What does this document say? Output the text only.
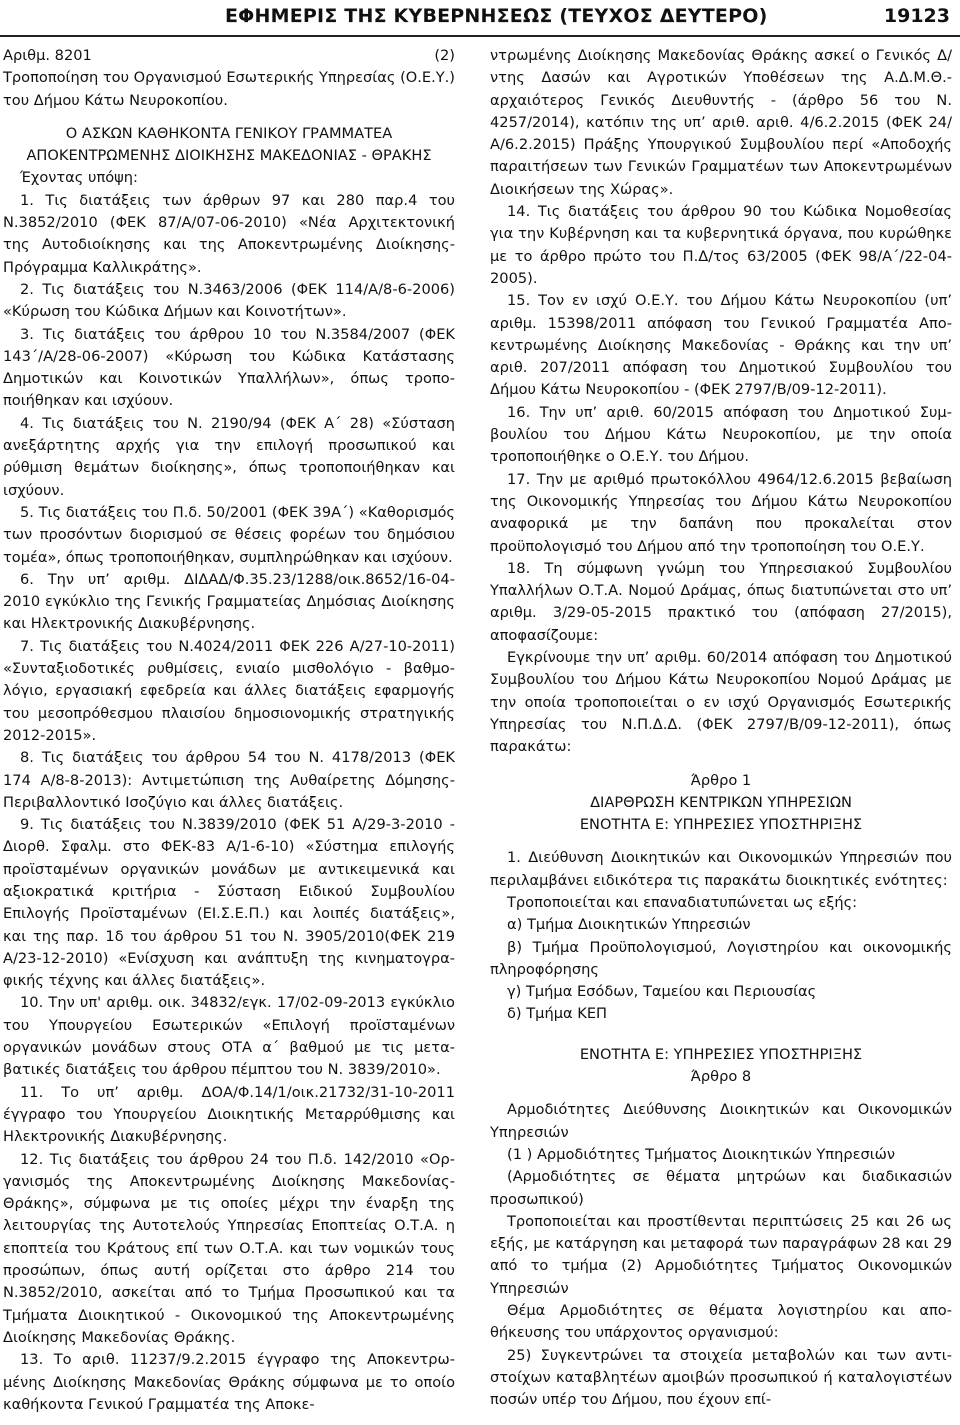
ΕΦΗΜΕΡΙΣ ΤΗΣ ΚΥΒΕΡΝΗΣΕΩΣ (ΤΕΥΧΟΣ ΔΕΥΤΕΡΟ)	19123
Αριθμ. 8201	(2)

Τροποποίηση του Οργανισμού Εσωτερικής Υπηρεσίας (Ο.Ε.Υ.) του Δήμου Κάτω Νευροκοπίου.

Ο ΑΣΚΩΝ ΚΑΘΗΚΟΝΤΑ ΓΕΝΙΚΟΥ ΓΡΑΜΜΑΤΕΑ ΑΠΟΚΕΝΤΡΩΜΕΝΗΣ ΔΙΟΙΚΗΣΗΣ ΜΑΚΕΔΟΝΙΑΣ - ΘΡΑΚΗΣ

Έχοντας υπόψη:

1. Τις διατάξεις των άρθρων 97 και 280 παρ.4 του Ν.3852/2010 (ΦΕΚ 87/Α/07-06-2010) «Νέα Αρχιτεκτονική της Αυτοδιοίκησης και της Αποκεντρωμένης Διοίκησης- Πρόγραμμα Καλλικράτης».

2. Τις διατάξεις του Ν.3463/2006 (ΦΕΚ 114/Α/8-6-2006) «Κύρωση του Κώδικα Δήμων και Κοινοτήτων».

3. Τις διατάξεις του άρθρου 10 του Ν.3584/2007 (ΦΕΚ 143΄/Α/28-06-2007) «Κύρωση του Κώδικα Κατάστασης Δημοτικών και Κοινοτικών Υπαλλήλων», όπως τροποποιήθηκαν και ισχύουν.

4. Τις διατάξεις του Ν. 2190/94 (ΦΕΚ Α΄ 28) «Σύσταση ανεξάρτητης αρχής για την επιλογή προσωπικού και ρύθμιση θεμάτων διοίκησης», όπως τροποποιήθηκαν και ισχύουν.

5. Τις διατάξεις του Π.δ. 50/2001 (ΦΕΚ 39Α΄) «Καθορισμός των προσόντων διορισμού σε θέσεις φορέων του δημόσιου τομέα», όπως τροποποιήθηκαν, συμπληρώθηκαν και ισχύουν.

6. Την υπ’ αριθμ. ΔΙΔΑΔ/Φ.35.23/1288/οικ.8652/16-04-2010 εγκύκλιο της Γενικής Γραμματείας Δημόσιας Διοίκησης και Ηλεκτρονικής Διακυβέρνησης.

7. Τις διατάξεις του Ν.4024/2011 ΦΕΚ 226 Α/27-10-2011) «Συνταξιοδοτικές ρυθμίσεις, ενιαίο μισθολόγιο - βαθμολόγιο, εργασιακή εφεδρεία και άλλες διατάξεις εφαρμογής του μεσοπρόθεσμου πλαισίου δημοσιονομικής στρατηγικής 2012-2015».

8. Τις διατάξεις του άρθρου 54 του Ν. 4178/2013 (ΦΕΚ 174 Α/8-8-2013): Αντιμετώπιση της Αυθαίρετης Δόμησης- Περιβαλλοντικό Ισοζύγιο και άλλες διατάξεις.

9. Τις διατάξεις του Ν.3839/2010 (ΦΕΚ 51 Α/29-3-2010 - Διορθ. Σφαλμ. στο ΦΕΚ-83 Α/1-6-10) «Σύστημα επιλογής προϊσταμένων οργανικών μονάδων με αντικειμενικά και αξιοκρατικά κριτήρια - Σύσταση Ειδικού Συμβουλίου Επιλογής Προϊσταμένων (ΕΙ.Σ.Ε.Π.) και λοιπές διατάξεις», και της παρ. 1δ του άρθρου 51 του Ν. 3905/2010(ΦΕΚ 219 Α/23-12-2010) «Ενίσχυση και ανάπτυξη της κινηματογραφικής τέχνης και άλλες διατάξεις».

10. Την υπ' αριθμ. οικ. 34832/εγκ. 17/02-09-2013 εγκύκλιο του Υπουργείου Εσωτερικών «Επιλογή προϊσταμένων οργανικών μονάδων στους ΟΤΑ α΄ βαθμού με τις μεταβατικές διατάξεις του άρθρου πέμπτου του Ν. 3839/2010».

11. Το υπ’ αριθμ. ΔΟΑ/Φ.14/1/οικ.21732/31-10-2011 έγγραφο του Υπουργείου Διοικητικής Μεταρρύθμισης και Ηλεκτρονικής Διακυβέρνησης.

12. Τις διατάξεις του άρθρου 24 του Π.δ. 142/2010 «Οργανισμός της Αποκεντρωμένης Διοίκησης Μακεδονίας- Θράκης», σύμφωνα με τις οποίες μέχρι την έναρξη της λειτουργίας της Αυτοτελούς Υπηρεσίας Εποπτείας Ο.Τ.Α. η εποπτεία του Κράτους επί των Ο.Τ.Α. και των νομικών τους προσώπων, όπως αυτή ορίζεται στο άρθρο 214 του Ν.3852/2010, ασκείται από το Τμήμα Προσωπικού και τα Τμήματα Διοικητικού - Οικονομικού της Αποκεντρωμένης Διοίκησης Μακεδονίας Θράκης.

13. Το αριθ. 11237/9.2.2015 έγγραφο της Αποκεντρωμένης Διοίκησης Μακεδονίας Θράκης σύμφωνα με το οποίο καθήκοντα Γενικού Γραμματέα της Αποκε-

ντρωμένης Διοίκησης Μακεδονίας Θράκης ασκεί ο Γενικός Δ/ντης Δασών και Αγροτικών Υποθέσεων της Α.Δ.Μ.Θ.- αρχαιότερος Γενικός Διευθυντής - (άρθρο 56 του Ν. 4257/2014), κατόπιν της υπ’ αριθ. αριθ. 4/6.2.2015 (ΦΕΚ 24/Α/6.2.2015) Πράξης Υπουργικού Συμβουλίου περί «Αποδοχής παραιτήσεων των Γενικών Γραμματέων των Αποκεντρωμένων Διοικήσεων της Χώρας».

14. Τις διατάξεις του άρθρου 90 του Κώδικα Νομοθεσίας για την Κυβέρνηση και τα κυβερνητικά όργανα, που κυρώθηκε με το άρθρο πρώτο του Π.Δ/τος 63/2005 (ΦΕΚ 98/Α΄/22-04-2005).

15. Τον εν ισχύ Ο.Ε.Υ. του Δήμου Κάτω Νευροκοπίου (υπ’ αριθμ. 15398/2011 απόφαση του Γενικού Γραμματέα Αποκεντρωμένης Διοίκησης Μακεδονίας - Θράκης και την υπ’ αριθ. 207/2011 απόφαση του Δημοτικού Συμβουλίου του Δήμου Κάτω Νευροκοπίου - (ΦΕΚ 2797/Β/09-12-2011).

16. Την υπ’ αριθ. 60/2015 απόφαση του Δημοτικού Συμβουλίου του Δήμου Κάτω Νευροκοπίου, με την οποία τροποποιήθηκε ο Ο.Ε.Υ. του Δήμου.

17. Την με αριθμό πρωτοκόλλου 4964/12.6.2015 βεβαίωση της Οικονομικής Υπηρεσίας του Δήμου Κάτω Νευροκοπίου αναφορικά με την δαπάνη που προκαλείται στον προϋπολογισμό του Δήμου από την τροποποίηση του Ο.Ε.Υ.

18. Τη σύμφωνη γνώμη του Υπηρεσιακού Συμβουλίου Υπαλλήλων Ο.Τ.Α. Νομού Δράμας, όπως διατυπώνεται στο υπ’ αριθμ. 3/29-05-2015 πρακτικό του (απόφαση 27/2015), αποφασίζουμε:

Εγκρίνουμε την υπ’ αριθμ. 60/2014 απόφαση του Δημοτικού Συμβουλίου του Δήμου Κάτω Νευροκοπίου Νομού Δράμας με την οποία τροποποιείται ο εν ισχύ Οργανισμός Εσωτερικής Υπηρεσίας του Ν.Π.Δ.Δ. (ΦΕΚ 2797/Β/09-12-2011), όπως παρακάτω:

Άρθρο 1

ΔΙΑΡΘΡΩΣΗ ΚΕΝΤΡΙΚΩΝ ΥΠΗΡΕΣΙΩΝ

ΕΝΟΤΗΤΑ Ε: ΥΠΗΡΕΣΙΕΣ ΥΠΟΣΤΗΡΙΞΗΣ

1. Διεύθυνση Διοικητικών και Οικονομικών Υπηρεσιών που περιλαμβάνει ειδικότερα τις παρακάτω διοικητικές ενότητες:

Τροποποιείται και επαναδιατυπώνεται ως εξής:

α) Τμήμα Διοικητικών Υπηρεσιών

β) Τμήμα Προϋπολογισμού, Λογιστηρίου και οικονομικής πληροφόρησης

γ) Τμήμα Εσόδων, Ταμείου και Περιουσίας

δ) Τμήμα ΚΕΠ

ΕΝΟΤΗΤΑ Ε: ΥΠΗΡΕΣΙΕΣ ΥΠΟΣΤΗΡΙΞΗΣ

Άρθρο 8

Αρμοδιότητες Διεύθυνσης Διοικητικών και Οικονομικών Υπηρεσιών

(1 ) Αρμοδιότητες Τμήματος Διοικητικών Υπηρεσιών

(Αρμοδιότητες σε θέματα μητρώων και διαδικασιών προσωπικού)

Τροποποιείται και προστίθενται περιπτώσεις 25 και 26 ως εξής, με κατάργηση και μεταφορά των παραγράφων 28 και 29 από το τμήμα (2) Αρμοδιότητες Τμήματος Οικονομικών Υπηρεσιών

Θέμα Αρμοδιότητες σε θέματα λογιστηρίου και αποθήκευσης του υπάρχοντος οργανισμού:

25) Συγκεντρώνει τα στοιχεία μεταβολών και των αντιστοίχων καταβλητέων αμοιβών προσωπικού ή καταλογιστέων ποσών υπέρ του Δήμου, που έχουν επί-
